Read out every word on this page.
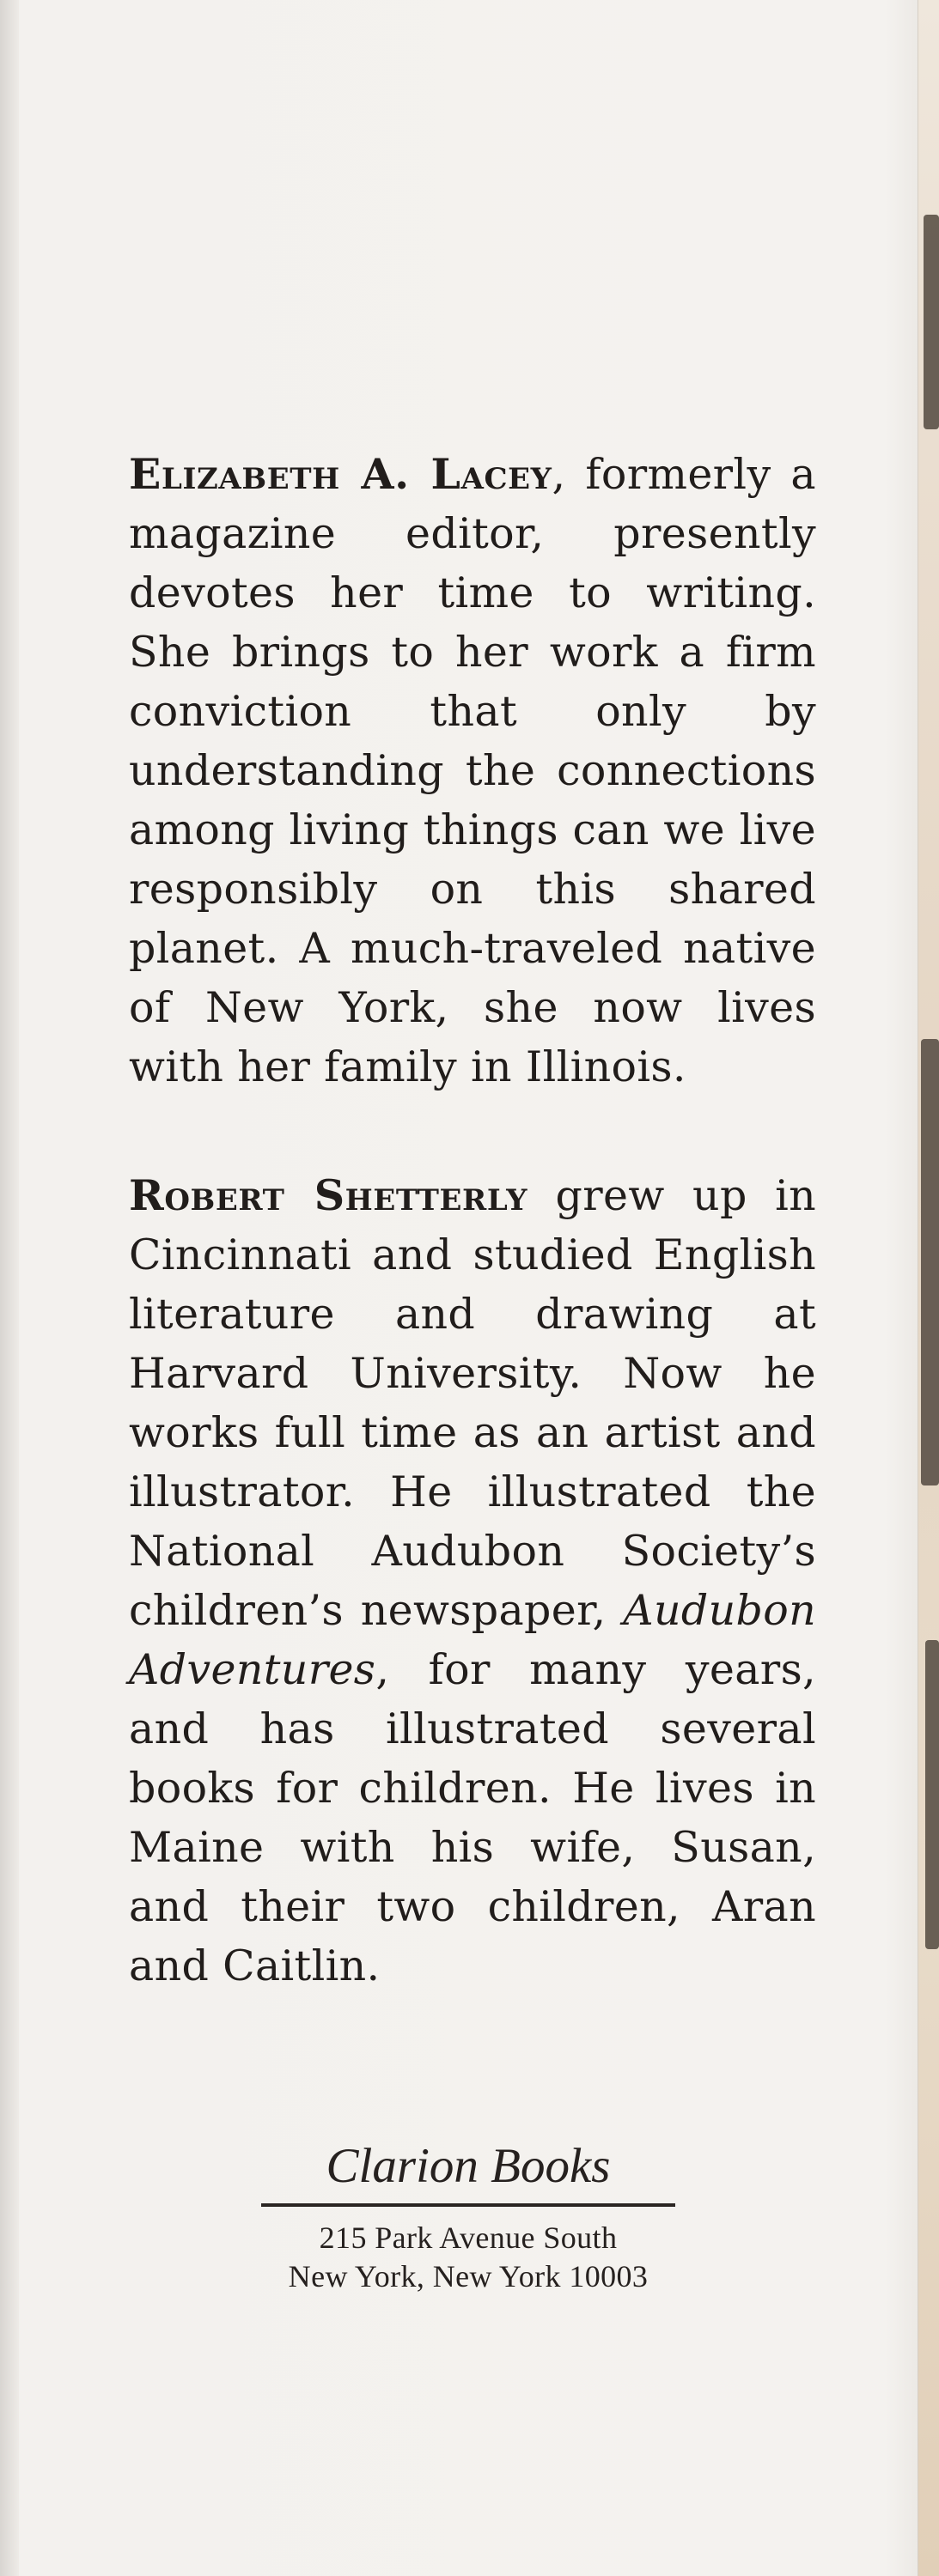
Elizabeth A. Lacey, formerly a magazine editor, presently devotes her time to writing. She brings to her work a firm conviction that only by understanding the connections among living things can we live responsibly on this shared planet. A much-traveled native of New York, she now lives with her family in Illinois.

Robert Shetterly grew up in Cincinnati and studied English literature and drawing at Harvard University. Now he works full time as an artist and illustrator. He illustrated the National Audubon Society’s children’s newspaper, Audubon Adventures, for many years, and has illustrated several books for children. He lives in Maine with his wife, Susan, and their two children, Aran and Caitlin.

Clarion Books
215 Park Avenue South
New York, New York 10003
